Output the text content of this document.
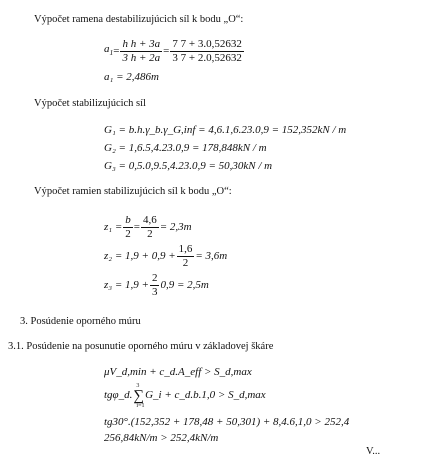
Výpočet ramena destabilizujúcich síl k bodu „O“:
$a_1 = \frac{\text{h h + 3a}}{3 h + 2a} = \frac{7 7 + 3.0,52632}{3 7 + 2.0,52632}$
a₁ = 2,486m
Výpočet stabilizujúcich síl
G₁ = b.h.γ_b.γ_G,inf = 4,6.1,6.23.0,9 = 152,352kN / m
G₂ = 1,6.5,4.23.0,9 = 178,848kN / m
G₃ = 0,5.0,9.5,4.23.0,9 = 50,30kN / m
Výpočet ramien stabilizujúcich síl k bodu „O“:
$z_1 = \frac{b}{2} = \frac{4,6}{2} = 2,3m$
$z_2 = 1,9 + 0,9 + \frac{1,6}{2} = 3,6m$
$z_3 = 1,9 + \frac{2}{3} 0,9 = 2,5m$
3. Posúdenie oporného múru
3.1. Posúdenie na posunutie oporného múru v základovej škáre
μV_d,min + c_d.A_eff > S_d,max
tgφ_d.∑
3
i=1
G_i + c_d.b.1,0 > S_d,max
tg30°.(152,352 + 178,48 + 50,301) + 8,4.6,1,0 > 252,4
256,84kN/m > 252,4kN/m
V...
